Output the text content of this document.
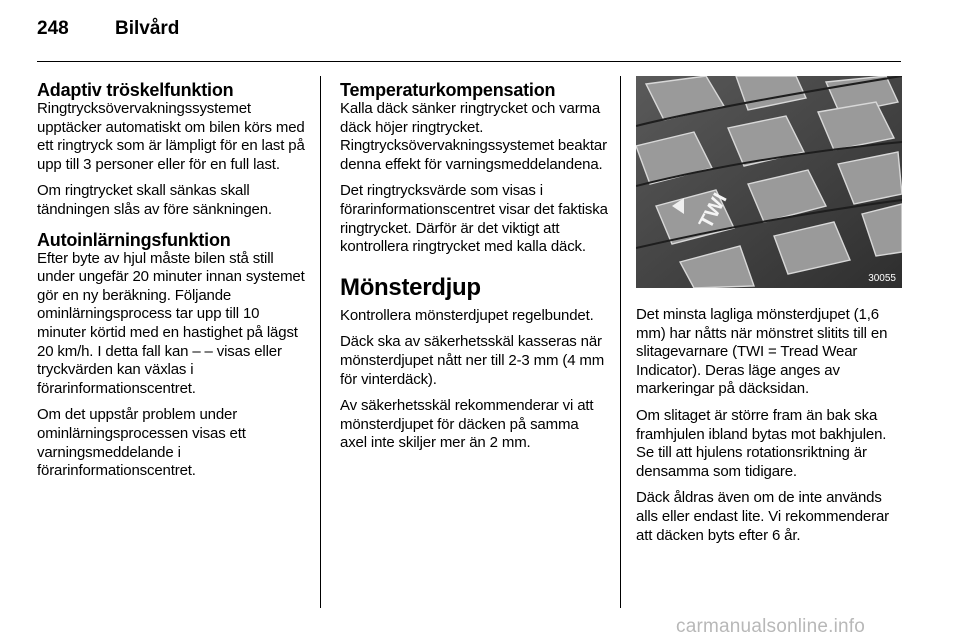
248 Bilvård
Adaptiv tröskelfunktion

Ringtrycksövervakningssystemet upptäcker automatiskt om bilen körs med ett ringtryck som är lämpligt för en last på upp till 3 personer eller för en full last.

Om ringtrycket skall sänkas skall tändningen slås av före sänkningen.

Autoinlärningsfunktion

Efter byte av hjul måste bilen stå still under ungefär 20 minuter innan systemet gör en ny beräkning. Följande ominlärningsprocess tar upp till 10 minuter körtid med en hastighet på lägst 20 km/h. I detta fall kan – – visas eller tryckvärden kan växlas i förarinformationscentret.

Om det uppstår problem under ominlärningsprocessen visas ett varningsmeddelande i förarinformationscentret.

Temperaturkompensation

Kalla däck sänker ringtrycket och varma däck höjer ringtrycket. Ringtrycksövervakningssystemet beaktar denna effekt för varningsmeddelandena.

Det ringtrycksvärde som visas i förarinformationscentret visar det faktiska ringtrycket. Därför är det viktigt att kontrollera ringtrycket med kalla däck.

Mönsterdjup

Kontrollera mönsterdjupet regelbundet.

Däck ska av säkerhetsskäl kasseras när mönsterdjupet nått ner till 2-3 mm (4 mm för vinterdäck).

Av säkerhetsskäl rekommenderar vi att mönsterdjupet för däcken på samma axel inte skiljer mer än 2 mm.

TWI
30055

Det minsta lagliga mönsterdjupet (1,6 mm) har nåtts när mönstret slitits till en slitagevarnare (TWI = Tread Wear Indicator). Deras läge anges av markeringar på däcksidan.

Om slitaget är större fram än bak ska framhjulen ibland bytas mot bakhjulen. Se till att hjulens rotationsriktning är densamma som tidigare.

Däck åldras även om de inte används alls eller endast lite. Vi rekommenderar att däcken byts efter 6 år.

carmanualsonline.info
